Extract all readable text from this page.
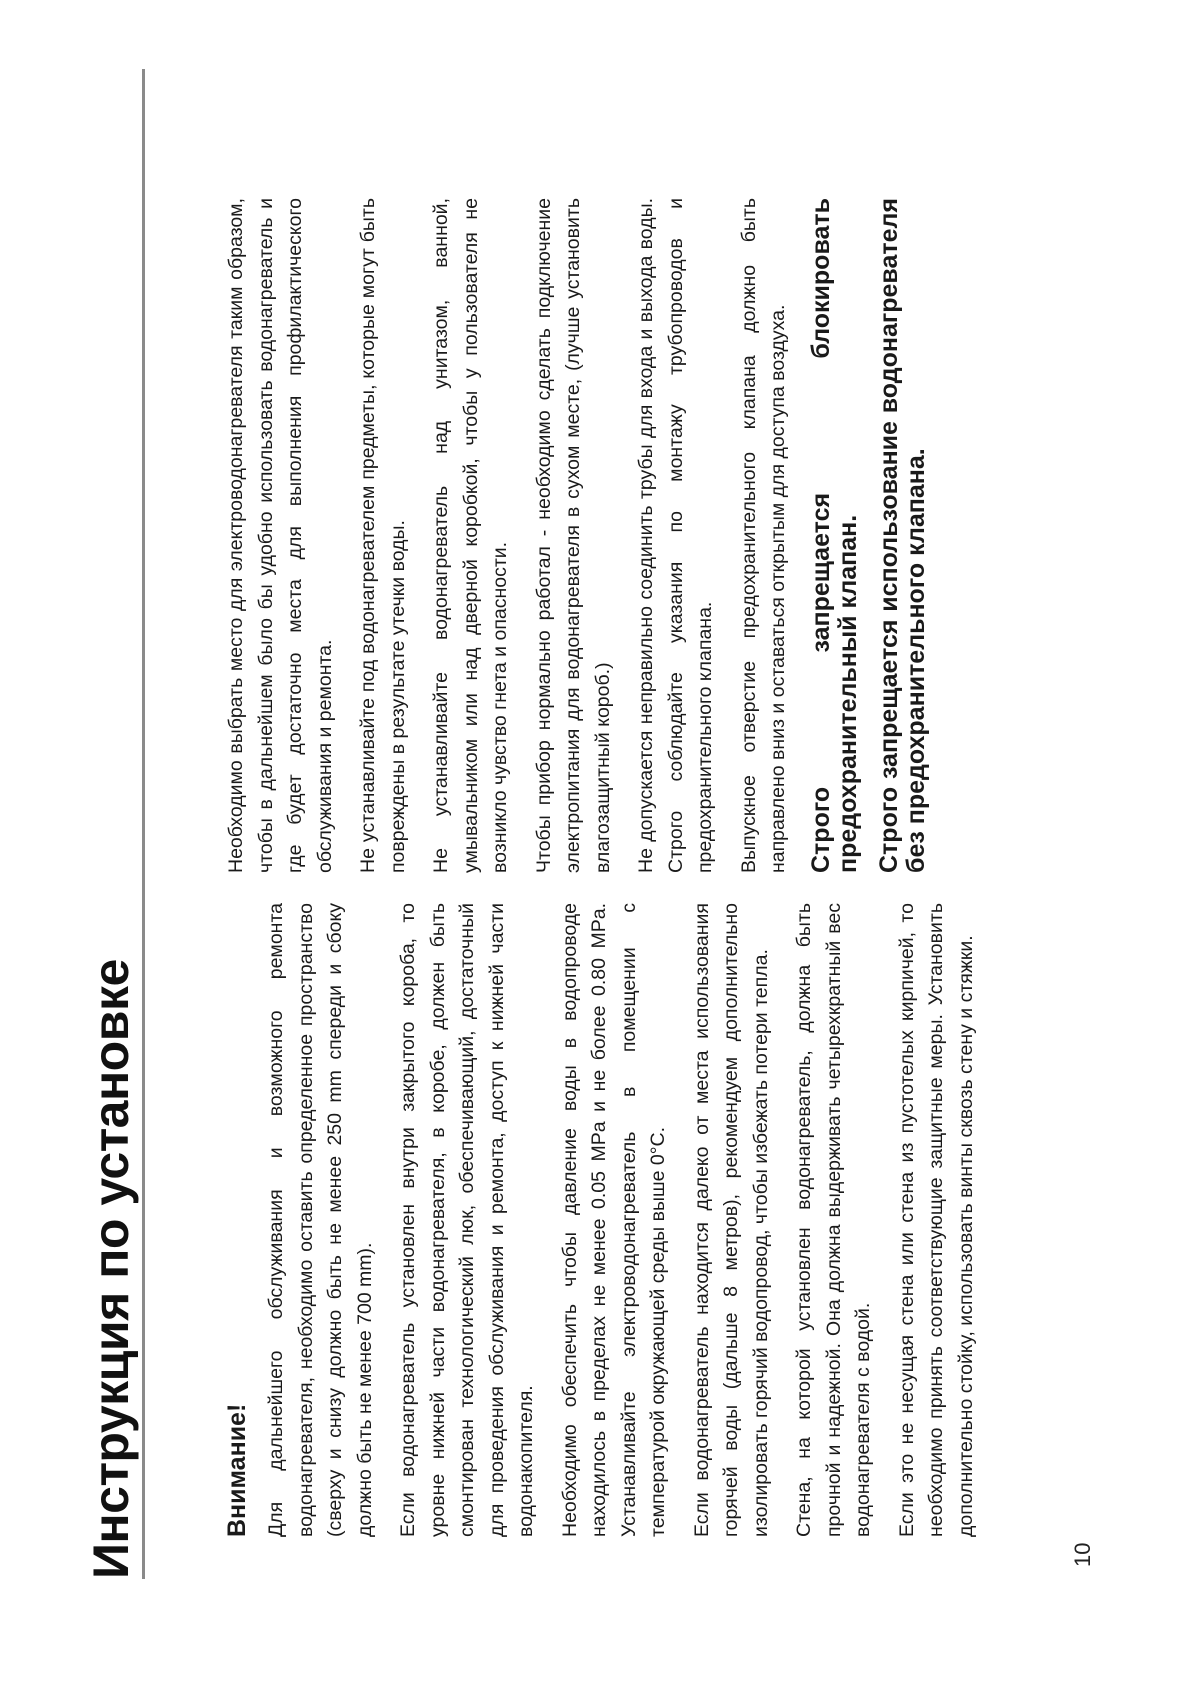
Инструкция по установке	Внимание! Для дальнейшего обслуживания и возможного ремонта водонагревателя, необходимо оставить определенное пространство (сверху и снизу должно быть не менее 250 mm спереди и сбоку должно быть не менее 700 mm). Если водонагреватель установлен внутри закрытого короба, то уровне нижней части водонагревателя, в коробе, должен быть смонтирован технологический люк, обеспечивающий, достаточный для проведения обслуживания и ремонта, доступ к нижней части водонакопителя. Необходимо обеспечить чтобы давление воды в водопроводе находилось в пределах не менее 0.05 MPa и не более 0.80 MPa. Устанавливайте электроводонагреватель в помещении с температурой окружающей среды выше 0°С. Если водонагреватель находится далеко от места использования горячей воды (дальше 8 метров), рекомендуем дополнительно изолировать горячий водопровод, чтобы избежать потери тепла. Стена, на которой установлен водонагреватель, должна быть прочной и надежной. Она должна выдерживать четырехкратный вес водонагревателя с водой. Если это не несущая стена или стена из пустотелых кирпичей, то необходимо принять соответствующие защитные меры. Установить дополнительно стойку, использовать винты сквозь стену и стяжки.

Необходимо выбрать место для электроводонагревателя таким образом, чтобы в дальнейшем было бы удобно использовать водонагреватель и где будет достаточно места для выполнения профилактического обслуживания и ремонта. Не устанавливайте под водонагревателем предметы, которые могут быть повреждены в результате утечки воды. Не устанавливайте водонагреватель над унитазом, ванной, умывальником или над дверной коробкой, чтобы у пользователя не возникло чувство гнета и опасности. Чтобы прибор нормально работал - необходимо сделать подключение электропитания для водонагревателя в сухом месте, (лучше установить влагозащитный короб.) Не допускается неправильно соединить трубы для входа и выхода воды. Строго соблюдайте указания по монтажу трубопроводов и предохранительного клапана. Выпускное отверстие предохранительного клапана должно быть направлено вниз и оставаться открытым для доступа воздуха. Строго запрещается блокировать предохранительный клапан. Строго запрещается использование водонагревателя без предохранительного клапана.

10
